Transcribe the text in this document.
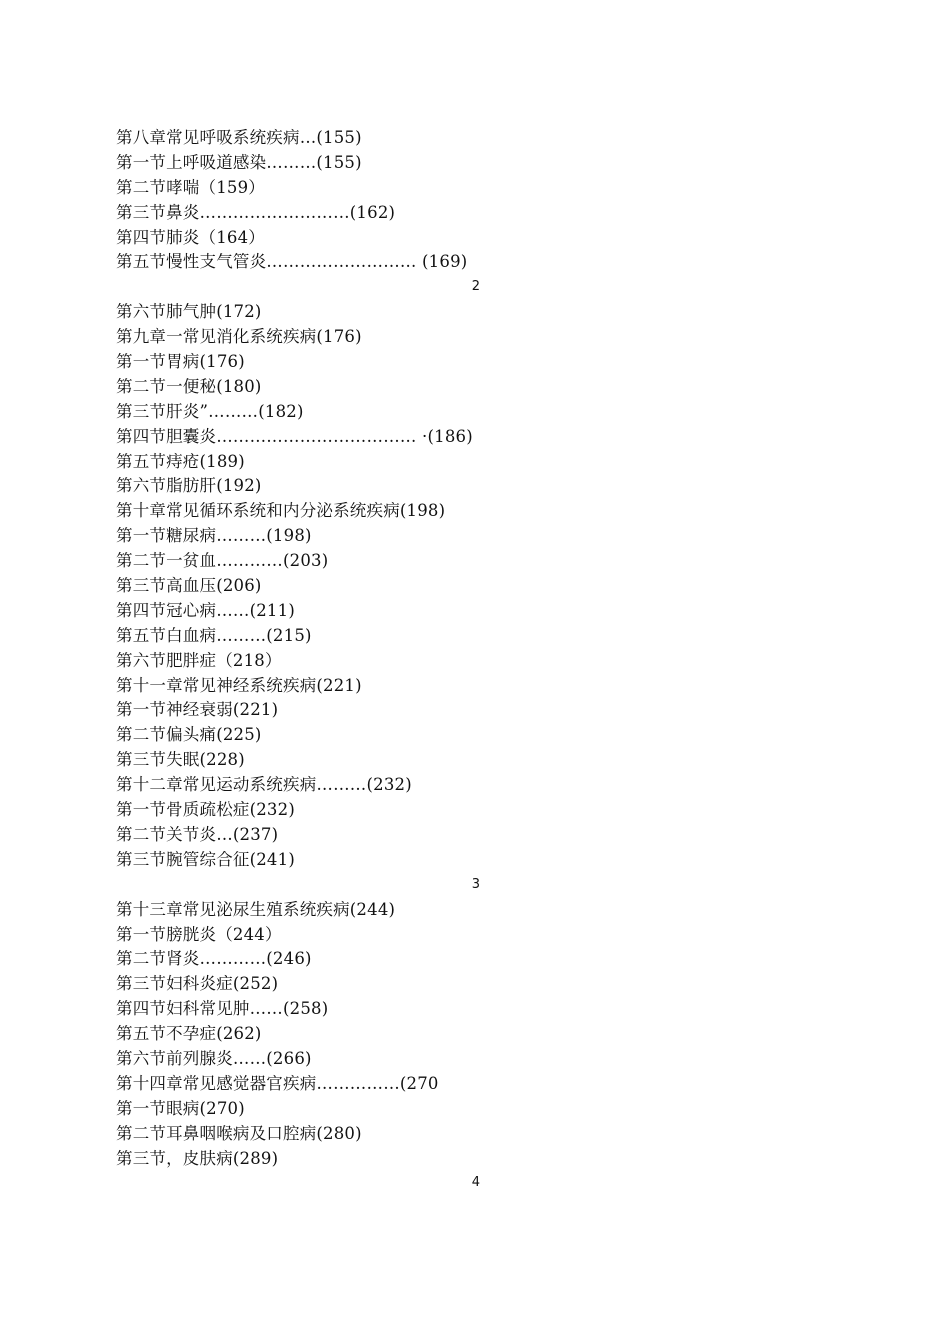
第八章常见呼吸系统疾病…(155)
第一节上呼吸道感染………(155)
第二节哮喘（159）
第三节鼻炎………………………(162)
第四节肺炎（164）
第五节慢性支气管炎……………………… (169)
2
第六节肺气肿(172)
第九章一常见消化系统疾病(176)
第一节胃病(176)
第二节一便秘(180)
第三节肝炎”………(182)
第四节胆囊炎……………………………… ·(186)
第五节痔疮(189)
第六节脂肪肝(192)
第十章常见循环系统和内分泌系统疾病(198)
第一节糖尿病………(198)
第二节一贫血…………(203)
第三节高血压(206)
第四节冠心病……(211)
第五节白血病………(215)
第六节肥胖症（218）
第十一章常见神经系统疾病(221)
第一节神经衰弱(221)
第二节偏头痛(225)
第三节失眠(228)
第十二章常见运动系统疾病………(232)
第一节骨质疏松症(232)
第二节关节炎…(237)
第三节腕管综合征(241)
3
第十三章常见泌尿生殖系统疾病(244)
第一节膀胱炎（244）
第二节肾炎…………(246)
第三节妇科炎症(252)
第四节妇科常见肿……(258)
第五节不孕症(262)
第六节前列腺炎……(266)
第十四章常见感觉器官疾病……………(270
第一节眼病(270)
第二节耳鼻咽喉病及口腔病(280)
第三节，皮肤病(289)
4
